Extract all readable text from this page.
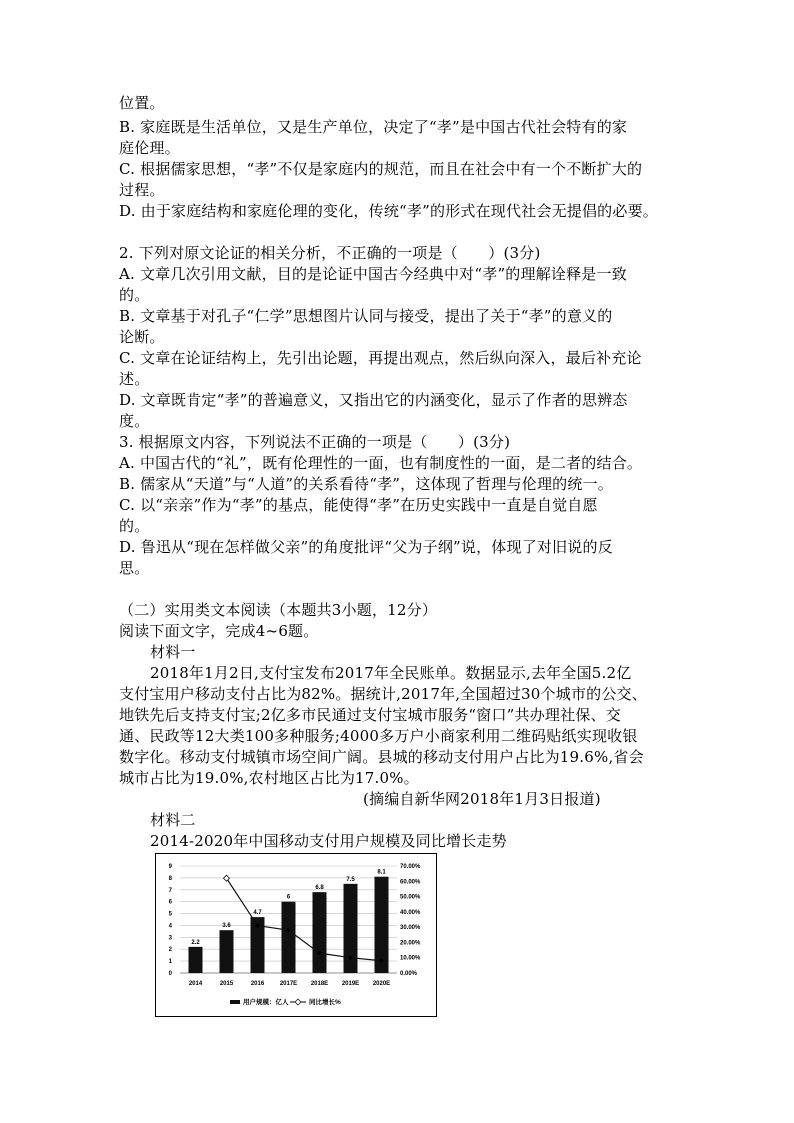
位置。
B. 家庭既是生活单位，又是生产单位，决定了“孝”是中国古代社会特有的家
庭伦理。
C. 根据儒家思想，“孝”不仅是家庭内的规范，而且在社会中有一个不断扩大的
过程。
D. 由于家庭结构和家庭伦理的变化，传统“孝”的形式在现代社会无提倡的必要。
2. 下列对原文论证的相关分析，不正确的一项是（　　）(3分)
A. 文章几次引用文献，目的是论证中国古今经典中对“孝”的理解诠释是一致
的。
B. 文章基于对孔子“仁学”思想图片认同与接受，提出了关于“孝”的意义的
论断。
C. 文章在论证结构上，先引出论题，再提出观点，然后纵向深入，最后补充论
述。
D. 文章既肯定“孝”的普遍意义，又指出它的内涵变化，显示了作者的思辨态
度。
3. 根据原文内容，下列说法不正确的一项是（　　）(3分)
A. 中国古代的“礼”，既有伦理性的一面，也有制度性的一面，是二者的结合。
B. 儒家从“天道”与“人道”的关系看待“孝”，这体现了哲理与伦理的统一。
C. 以“亲亲”作为“孝”的基点，能使得“孝”在历史实践中一直是自觉自愿
的。
D. 鲁迅从“现在怎样做父亲”的角度批评“父为子纲”说，体现了对旧说的反
思。
（二）实用类文本阅读（本题共3小题，12分）
阅读下面文字，完成4~6题。
材料一
2018年1月2日,支付宝发布2017年全民账单。数据显示,去年全国5.2亿
支付宝用户移动支付占比为82%。据统计,2017年,全国超过30个城市的公交、
地铁先后支持支付宝;2亿多市民通过支付宝城市服务“窗口”共办理社保、交
通、民政等12大类100多种服务;4000多万户小商家利用二维码贴纸实现收银
数字化。移动支付城镇市场空间广阔。县城的移动支付用户占比为19.6%,省会
城市占比为19.0%,农村地区占比为17.0%。
(摘编自新华网2018年1月3日报道)
材料二
2014-2020年中国移动支付用户规模及同比增长走势
0
1
2
3
4
5
6
7
8
9
0.00%
10.00%
20.00%
30.00%
40.00%
50.00%
60.00%
70.00%
2.2
3.6
4.7
6
6.8
7.5
8.1
2014	2015	2016	2017E 2018E 2019E 2020E
用户规模：亿人	同比增长%
